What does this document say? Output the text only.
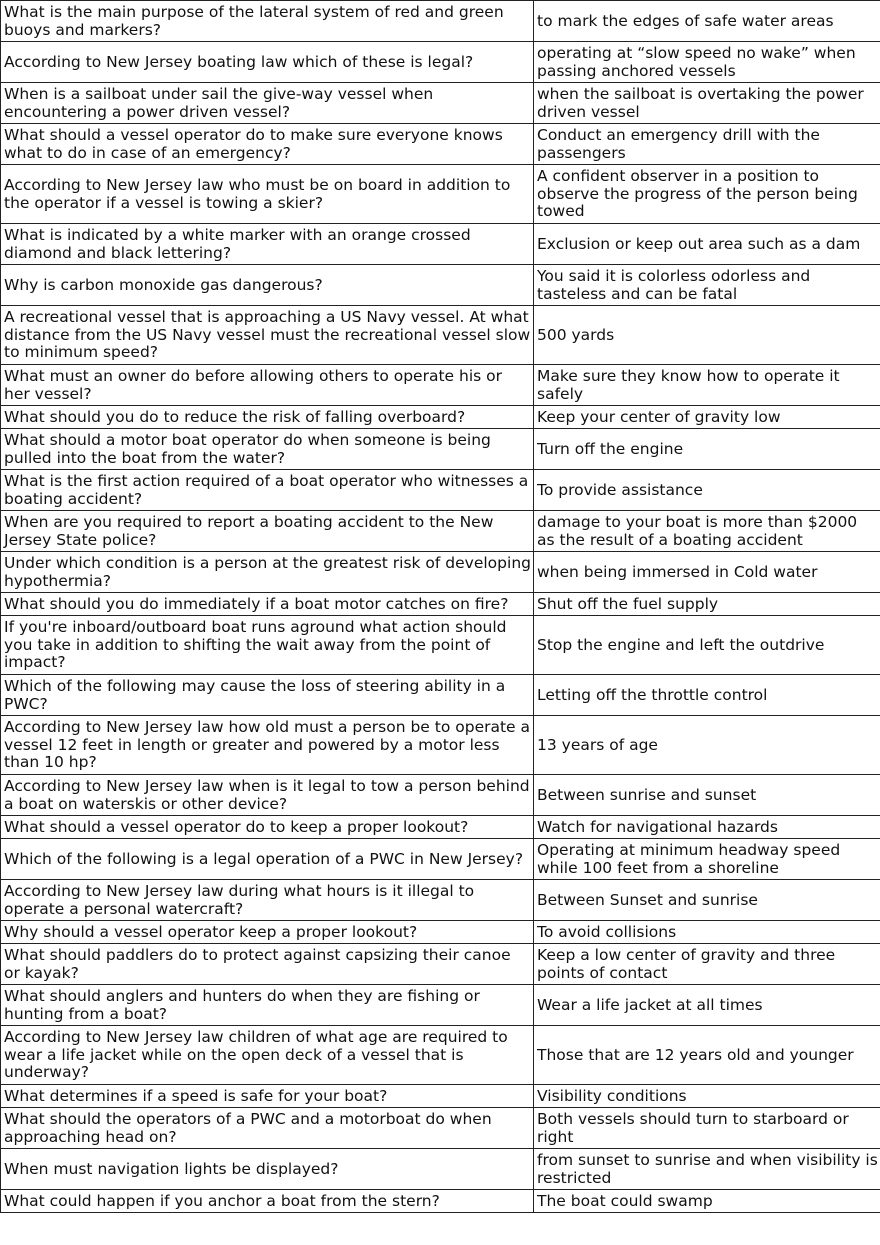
What is the main purpose of the lateral system of red and green buoys and markers?	to mark the edges of safe water areas
According to New Jersey boating law which of these is legal?	operating at “slow speed no wake” when passing anchored vessels
When is a sailboat under sail the give-way vessel when encountering a power driven vessel?	when the sailboat is overtaking the power driven vessel
What should a vessel operator do to make sure everyone knows what to do in case of an emergency?	Conduct an emergency drill with the passengers
According to New Jersey law who must be on board in addition to the operator if a vessel is towing a skier?	A confident observer in a position to observe the progress of the person being towed
What is indicated by a white marker with an orange crossed diamond and black lettering?	Exclusion or keep out area such as a dam
Why is carbon monoxide gas dangerous?	You said it is colorless odorless and tasteless and can be fatal
A recreational vessel that is approaching a US Navy vessel. At what distance from the US Navy vessel must the recreational vessel slow to minimum speed?	500 yards
What must an owner do before allowing others to operate his or her vessel?	Make sure they know how to operate it safely
What should you do to reduce the risk of falling overboard?	Keep your center of gravity low
What should a motor boat operator do when someone is being pulled into the boat from the water?	Turn off the engine
What is the first action required of a boat operator who witnesses a boating accident?	To provide assistance
When are you required to report a boating accident to the New Jersey State police?	damage to your boat is more than $2000 as the result of a boating accident
Under which condition is a person at the greatest risk of developing hypothermia?	when being immersed in Cold water
What should you do immediately if a boat motor catches on fire?	Shut off the fuel supply
If you're inboard/outboard boat runs aground what action should you take in addition to shifting the wait away from the point of impact?	Stop the engine and left the outdrive
Which of the following may cause the loss of steering ability in a PWC?	Letting off the throttle control
According to New Jersey law how old must a person be to operate a vessel 12 feet in length or greater and powered by a motor less than 10 hp?	13 years of age
According to New Jersey law when is it legal to tow a person behind a boat on waterskis or other device?	Between sunrise and sunset
What should a vessel operator do to keep a proper lookout?	Watch for navigational hazards
Which of the following is a legal operation of a PWC in New Jersey?	Operating at minimum headway speed while 100 feet from a shoreline
According to New Jersey law during what hours is it illegal to operate a personal watercraft?	Between Sunset and sunrise
Why should a vessel operator keep a proper lookout?	To avoid collisions
What should paddlers do to protect against capsizing their canoe or kayak?	Keep a low center of gravity and three points of contact
What should anglers and hunters do when they are fishing or hunting from a boat?	Wear a life jacket at all times
According to New Jersey law children of what age are required to wear a life jacket while on the open deck of a vessel that is underway?	Those that are 12 years old and younger
What determines if a speed is safe for your boat?	Visibility conditions
What should the operators of a PWC and a motorboat do when approaching head on?	Both vessels should turn to starboard or right
When must navigation lights be displayed?	from sunset to sunrise and when visibility is restricted
What could happen if you anchor a boat from the stern?	The boat could swamp
